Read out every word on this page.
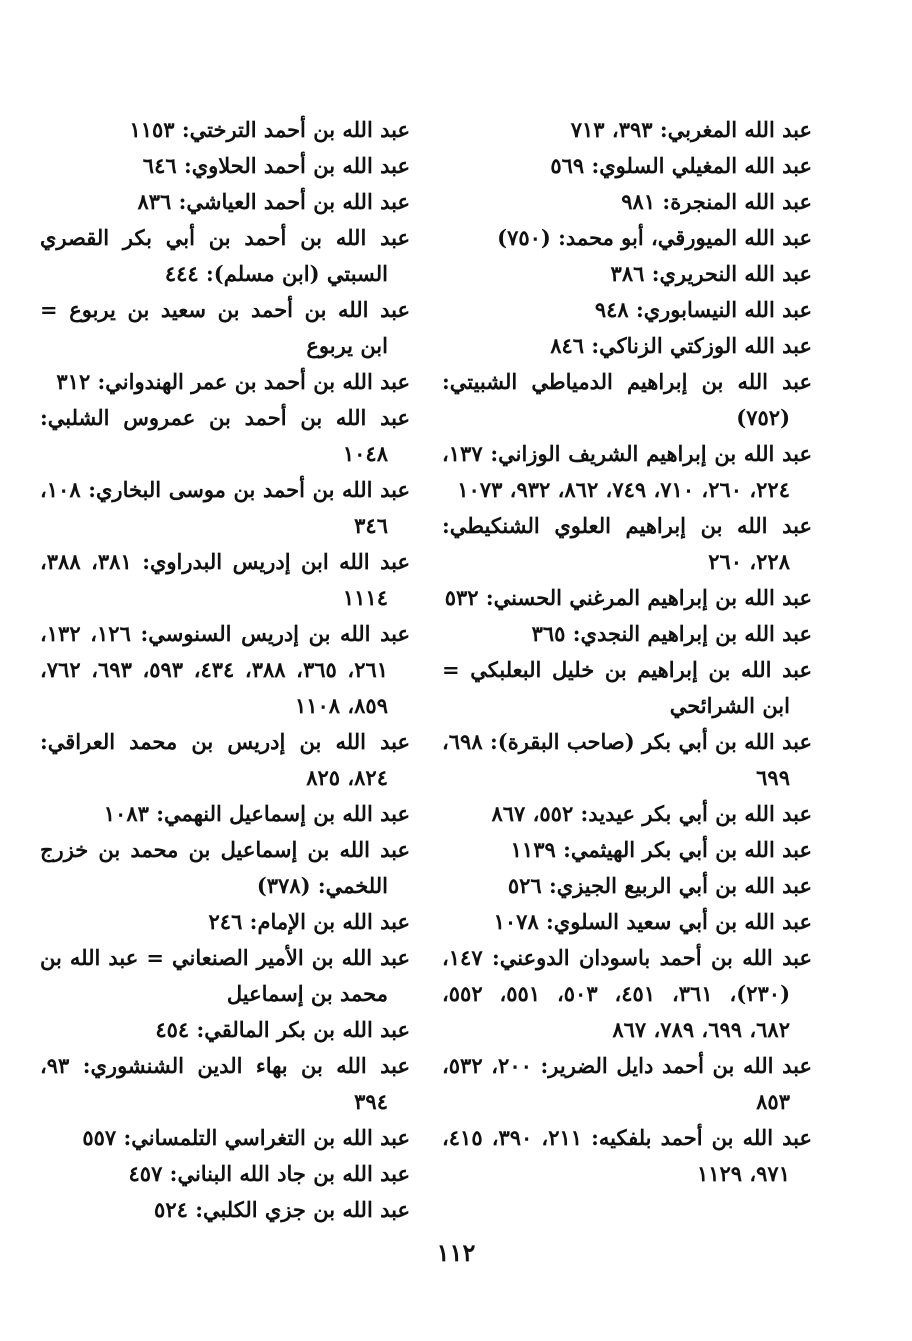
عبد الله المغربي: ٣٩٣، ٧١٣

عبد الله المغيلي السلوي: ٥٦٩

عبد الله المنجرة: ٩٨١

عبد الله الميورقي، أبو محمد: (٧٥٠)

عبد الله النحريري: ٣٨٦

عبد الله النيسابوري: ٩٤٨

عبد الله الوزكتي الزناكي: ٨٤٦

عبد الله بن إبراهيم الدمياطي الشبيتي: (٧٥٢)

عبد الله بن إبراهيم الشريف الوزاني: ١٣٧، ٢٢٤، ٢٦٠، ٧١٠، ٧٤٩، ٨٦٢، ٩٣٢، ١٠٧٣

عبد الله بن إبراهيم العلوي الشنكيطي: ٢٢٨، ٢٦٠

عبد الله بن إبراهيم المرغني الحسني: ٥٣٢

عبد الله بن إبراهيم النجدي: ٣٦٥

عبد الله بن إبراهيم بن خليل البعلبكي = ابن الشرائحي

عبد الله بن أبي بكر (صاحب البقرة): ٦٩٨، ٦٩٩

عبد الله بن أبي بكر عيديد: ٥٥٢، ٨٦٧

عبد الله بن أبي بكر الهيثمي: ١١٣٩

عبد الله بن أبي الربيع الجيزي: ٥٢٦

عبد الله بن أبي سعيد السلوي: ١٠٧٨

عبد الله بن أحمد باسودان الدوعني: ١٤٧، (٢٣٠)، ٣٦١، ٤٥١، ٥٠٣، ٥٥١، ٥٥٢، ٦٨٢، ٦٩٩، ٧٨٩، ٨٦٧

عبد الله بن أحمد دايل الضرير: ٢٠٠، ٥٣٢، ٨٥٣

عبد الله بن أحمد بلفكيه: ٢١١، ٣٩٠، ٤١٥، ٩٧١، ١١٢٩

عبد الله بن أحمد الترختي: ١١٥٣

عبد الله بن أحمد الحلاوي: ٦٤٦

عبد الله بن أحمد العياشي: ٨٣٦

عبد الله بن أحمد بن أبي بكر القصري السبتي (ابن مسلم): ٤٤٤

عبد الله بن أحمد بن سعيد بن يربوع = ابن يربوع

عبد الله بن أحمد بن عمر الهندواني: ٣١٢

عبد الله بن أحمد بن عمروس الشلبي: ١٠٤٨

عبد الله بن أحمد بن موسى البخاري: ١٠٨، ٣٤٦

عبد الله ابن إدريس البدراوي: ٣٨١، ٣٨٨، ١١١٤

عبد الله بن إدريس السنوسي: ١٢٦، ١٣٢، ٢٦١، ٣٦٥، ٣٨٨، ٤٣٤، ٥٩٣، ٦٩٣، ٧٦٢، ٨٥٩، ١١٠٨

عبد الله بن إدريس بن محمد العراقي: ٨٢٤، ٨٢٥

عبد الله بن إسماعيل النهمي: ١٠٨٣

عبد الله بن إسماعيل بن محمد بن خزرج اللخمي: (٣٧٨)

عبد الله بن الإمام: ٢٤٦

عبد الله بن الأمير الصنعاني = عبد الله بن محمد بن إسماعيل

عبد الله بن بكر المالقي: ٤٥٤

عبد الله بن بهاء الدين الشنشوري: ٩٣، ٣٩٤

عبد الله بن التغراسي التلمساني: ٥٥٧

عبد الله بن جاد الله البناني: ٤٥٧

عبد الله بن جزي الكلبي: ٥٢٤

١١٢
